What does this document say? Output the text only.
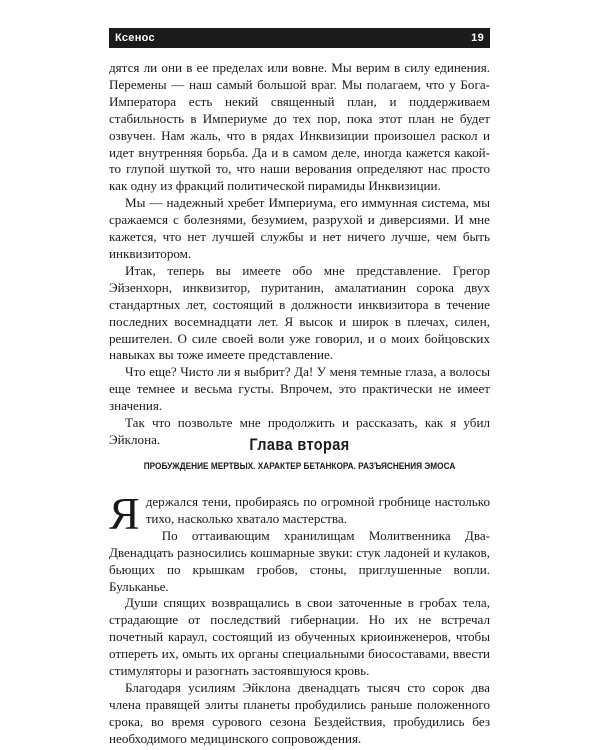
Ксенос	19

дятся ли они в ее пределах или вовне. Мы верим в силу единения. Перемены — наш самый большой враг. Мы полагаем, что у Бога-Императора есть некий священный план, и поддерживаем стабильность в Империуме до тех пор, пока этот план не будет озвучен. Нам жаль, что в рядах Инквизиции произошел раскол и идет внутренняя борьба. Да и в самом деле, иногда кажется какой-то глупой шуткой то, что наши верования определяют нас просто как одну из фракций политической пирамиды Инквизиции.

Мы — надежный хребет Империума, его иммунная система, мы сражаемся с болезнями, безумием, разрухой и диверсиями. И мне кажется, что нет лучшей службы и нет ничего лучше, чем быть инквизитором.

Итак, теперь вы имеете обо мне представление. Грегор Эйзенхорн, инквизитор, пуританин, амалатианин сорока двух стандартных лет, состоящий в должности инквизитора в течение последних восемнадцати лет. Я высок и широк в плечах, силен, решителен. О силе своей воли уже говорил, и о моих бойцовских навыках вы тоже имеете представление.

Что еще? Чисто ли я выбрит? Да! У меня темные глаза, а волосы еще темнее и весьма густы. Впрочем, это практически не имеет значения.

Так что позвольте мне продолжить и рассказать, как я убил Эйклона.	Глава вторая
ПРОБУЖДЕНИЕ МЕРТВЫХ. ХАРАКТЕР БЕТАНКОРА. РАЗЪЯСНЕНИЯ ЭМОСА

Ядержался тени, пробираясь по огромной гробнице настолько тихо, насколько хватало мастерства.

По оттаивающим хранилищам Молитвенника Два-Двенадцать разносились кошмарные звуки: стук ладоней и кулаков, бьющих по крышкам гробов, стоны, приглушенные вопли. Бульканье.

Души спящих возвращались в свои заточенные в гробах тела, страдающие от последствий гибернации. Но их не встречал почетный караул, состоящий из обученных криоинженеров, чтобы отпереть их, омыть их органы специальными биосоставами, ввести стимуляторы и разогнать застоявшуюся кровь.

Благодаря усилиям Эйклона двенадцать тысяч сто сорок два члена правящей элиты планеты пробудились раньше положенного срока, во время сурового сезона Бездействия, пробудились без необходимого медицинского сопровождения.
